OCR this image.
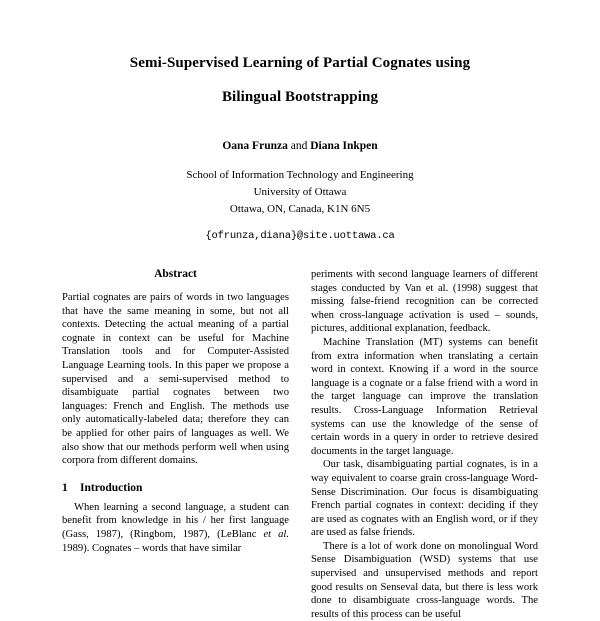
Semi-Supervised Learning of Partial Cognates using
Bilingual Bootstrapping
Oana Frunza and Diana Inkpen
School of Information Technology and Engineering
University of Ottawa
Ottawa, ON, Canada, K1N 6N5
{ofrunza,diana}@site.uottawa.ca
Abstract

Partial cognates are pairs of words in two languages that have the same meaning in some, but not all contexts. Detecting the actual meaning of a partial cognate in context can be useful for Machine Translation tools and for Computer-Assisted Language Learning tools. In this paper we propose a supervised and a semi-supervised method to disambiguate partial cognates between two languages: French and English. The methods use only automatically-labeled data; therefore they can be applied for other pairs of languages as well. We also show that our methods perform well when using corpora from different domains.

1 Introduction

When learning a second language, a student can benefit from knowledge in his / her first language (Gass, 1987), (Ringbom, 1987), (LeBlanc et al. 1989). Cognates – words that have similar

periments with second language learners of different stages conducted by Van et al. (1998) suggest that missing false-friend recognition can be corrected when cross-language activation is used – sounds, pictures, additional explanation, feedback.

Machine Translation (MT) systems can benefit from extra information when translating a certain word in context. Knowing if a word in the source language is a cognate or a false friend with a word in the target language can improve the translation results. Cross-Language Information Retrieval systems can use the knowledge of the sense of certain words in a query in order to retrieve desired documents in the target language.

Our task, disambiguating partial cognates, is in a way equivalent to coarse grain cross-language Word-Sense Discrimination. Our focus is disambiguating French partial cognates in context: deciding if they are used as cognates with an English word, or if they are used as false friends.

There is a lot of work done on monolingual Word Sense Disambiguation (WSD) systems that use supervised and unsupervised methods and report good results on Senseval data, but there is less work done to disambiguate cross-language words. The results of this process can be useful
